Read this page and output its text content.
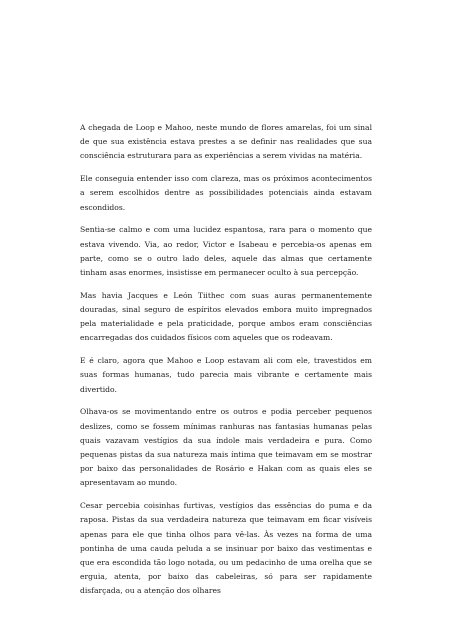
A chegada de Loop e Mahoo, neste mundo de flores amarelas, foi um sinal de que sua existência estava prestes a se definir nas realidades que sua consciência estruturara para as experiências a serem vividas na matéria.

Ele conseguia entender isso com clareza, mas os próximos acontecimentos a serem escolhidos dentre as possibilidades potenciais ainda estavam escondidos.

Sentia-se calmo e com uma lucidez espantosa, rara para o momento que estava vivendo. Via, ao redor, Victor e Isabeau e percebia-os apenas em parte, como se o outro lado deles, aquele das almas que certamente tinham asas enormes, insistisse em permanecer oculto à sua percepção.

Mas havia Jacques e León Tiithec com suas auras permanentemente douradas, sinal seguro de espíritos elevados embora muito impregnados pela materialidade e pela praticidade, porque ambos eram consciências encarregadas dos cuidados físicos com aqueles que os rodeavam.

E é claro, agora que Mahoo e Loop estavam ali com ele, travestidos em suas formas humanas, tudo parecia mais vibrante e certamente mais divertido.

Olhava-os se movimentando entre os outros e podia perceber pequenos deslizes, como se fossem mínimas ranhuras nas fantasias humanas pelas quais vazavam vestígios da sua índole mais verdadeira e pura. Como pequenas pistas da sua natureza mais íntima que teimavam em se mostrar por baixo das personalidades de Rosário e Hakan com as quais eles se apresentavam ao mundo.

Cesar percebia coisinhas furtivas, vestígios das essências do puma e da raposa. Pistas da sua verdadeira natureza que teimavam em ficar visíveis apenas para ele que tinha olhos para vê-las. Às vezes na forma de uma pontinha de uma cauda peluda a se insinuar por baixo das vestimentas e que era escondida tão logo notada, ou um pedacinho de uma orelha que se erguia, atenta, por baixo das cabeleiras, só para ser rapidamente disfarçada, ou a atenção dos olhares
